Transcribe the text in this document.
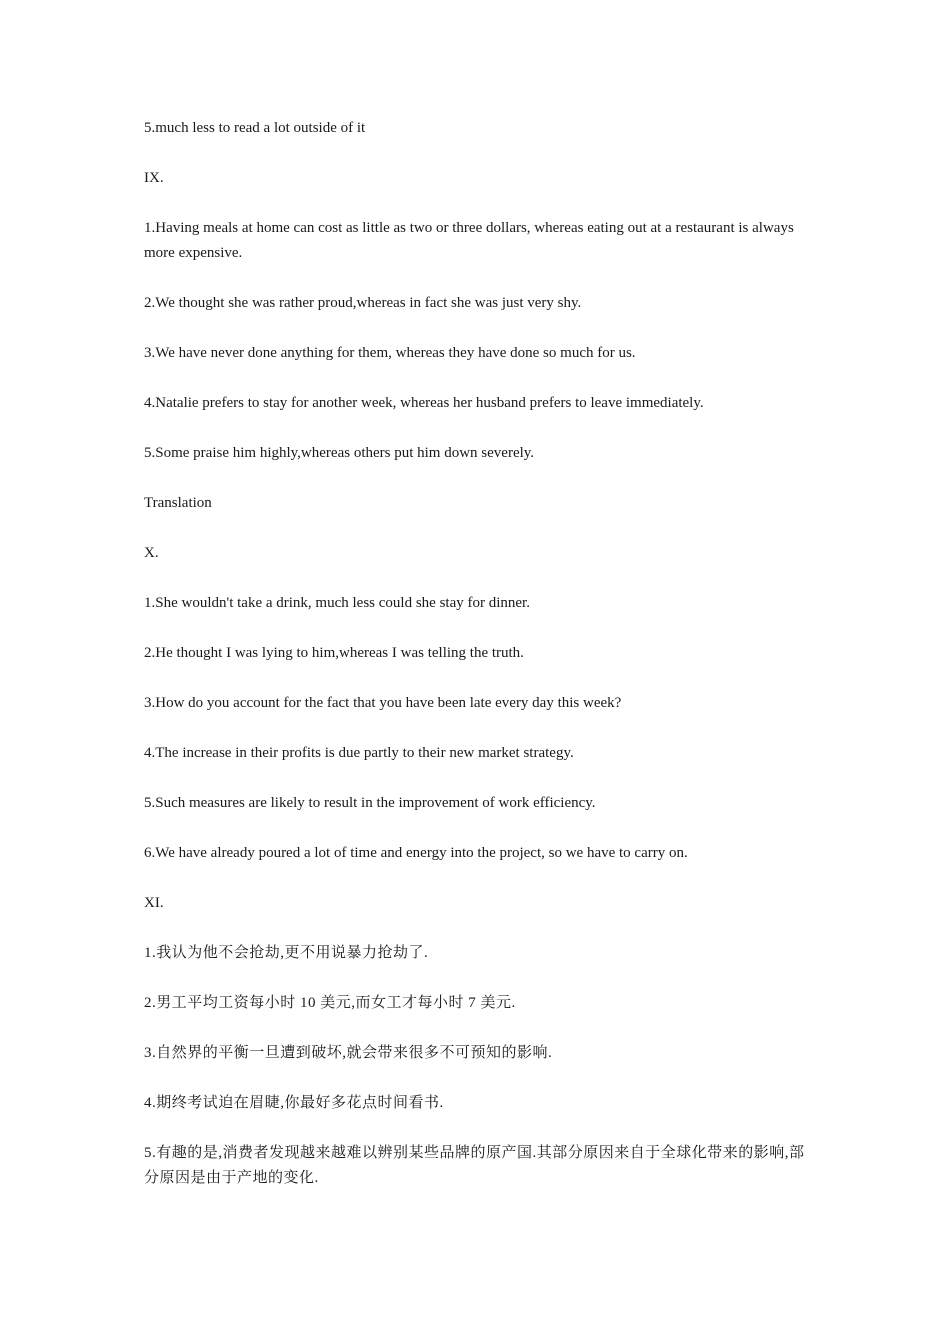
5.much less to read a lot outside of it

IX.

1.Having meals at home can cost as little as two or three dollars, whereas eating out at a restaurant is always more expensive.

2.We thought she was rather proud,whereas in fact she was just very shy.

3.We have never done anything for them, whereas they have done so much for us.

4.Natalie prefers to stay for another week, whereas her husband prefers to leave immediately.

5.Some praise him highly,whereas others put him down severely.

Translation

X.

1.She wouldn't take a drink, much less could she stay for dinner.

2.He thought I was lying to him,whereas I was telling the truth.

3.How do you account for the fact that you have been late every day this week?

4.The increase in their profits is due partly to their new market strategy.

5.Such measures are likely to result in the improvement of work efficiency.

6.We have already poured a lot of time and energy into the project, so we have to carry on.

XI.

1.我认为他不会抢劫,更不用说暴力抢劫了.

2.男工平均工资每小时 10 美元,而女工才每小时 7 美元.

3.自然界的平衡一旦遭到破坏,就会带来很多不可预知的影响.

4.期终考试迫在眉睫,你最好多花点时间看书.

5.有趣的是,消费者发现越来越难以辨别某些品牌的原产国.其部分原因来自于全球化带来的影响,部分原因是由于产地的变化.
